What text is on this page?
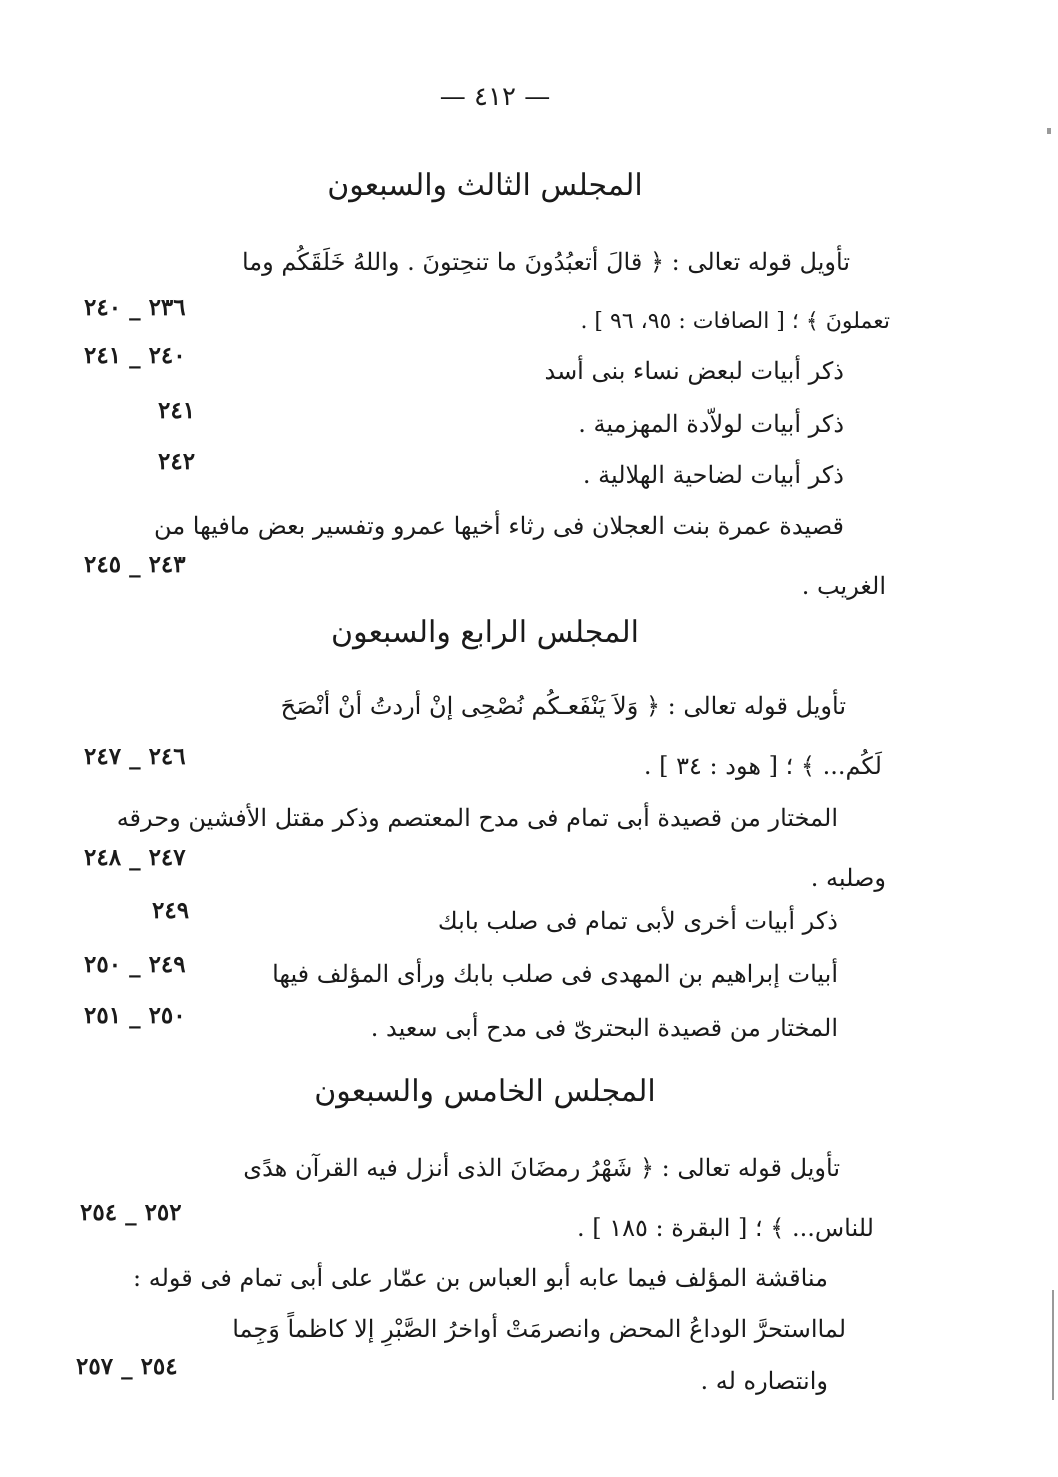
— ٤١٢ —
المجلس الثالث والسبعون
تأويل قوله تعالى : ﴿ قالَ أتعبُدُونَ ما تنحِتونَ . واللهُ خَلَقَكُم وما
تعملونَ ﴾ ؛ [ الصافات : ٩٥، ٩٦ ] .
ذكر أبيات لبعض نساء بنى أسد
ذكر أبيات لولاّدة المهزمية .
ذكر أبيات لضاحية الهلالية .
قصيدة عمرة بنت العجلان فى رثاء أخيها عمرو وتفسير بعض مافيها من
الغريب .
٢٣٦ _ ٢٤٠
٢٤٠ _ ٢٤١
٢٤١
٢٤٢
٢٤٣ _ ٢٤٥
المجلس الرابع والسبعون
تأويل قوله تعالى : ﴿ وَلاَ يَنْفَعـكُم نُصْحِى إنْ أردتُ أنْ أنْصَحَ
لَكُم... ﴾ ؛ [ هود : ٣٤ ] .
المختار من قصيدة أبى تمام فى مدح المعتصم وذكر مقتل الأفشين وحرقه
وصلبه .
ذكر أبيات أخرى لأبى تمام فى صلب بابك
أبيات إبراهيم بن المهدى فى صلب بابك ورأى المؤلف فيها
المختار من قصيدة البحترىّ فى مدح أبى سعيد .
٢٤٦ _ ٢٤٧
٢٤٧ _ ٢٤٨
٢٤٩
٢٤٩ _ ٢٥٠
٢٥٠ _ ٢٥١
المجلس الخامس والسبعون
تأويل قوله تعالى : ﴿ شَهْرُ رمضَانَ الذى أنزل فيه القرآن هدًى
للناس... ﴾ ؛ [ البقرة : ١٨٥ ] .
مناقشة المؤلف فيما عابه أبو العباس بن عمّار على أبى تمام فى قوله :
لمااستحرَّ الوداعُ المحض وانصرمَتْ أواخرُ الصَّبْرِ إلا كاظماً وَجِما
وانتصاره له .
٢٥٢ _ ٢٥٤
٢٥٤ _ ٢٥٧
